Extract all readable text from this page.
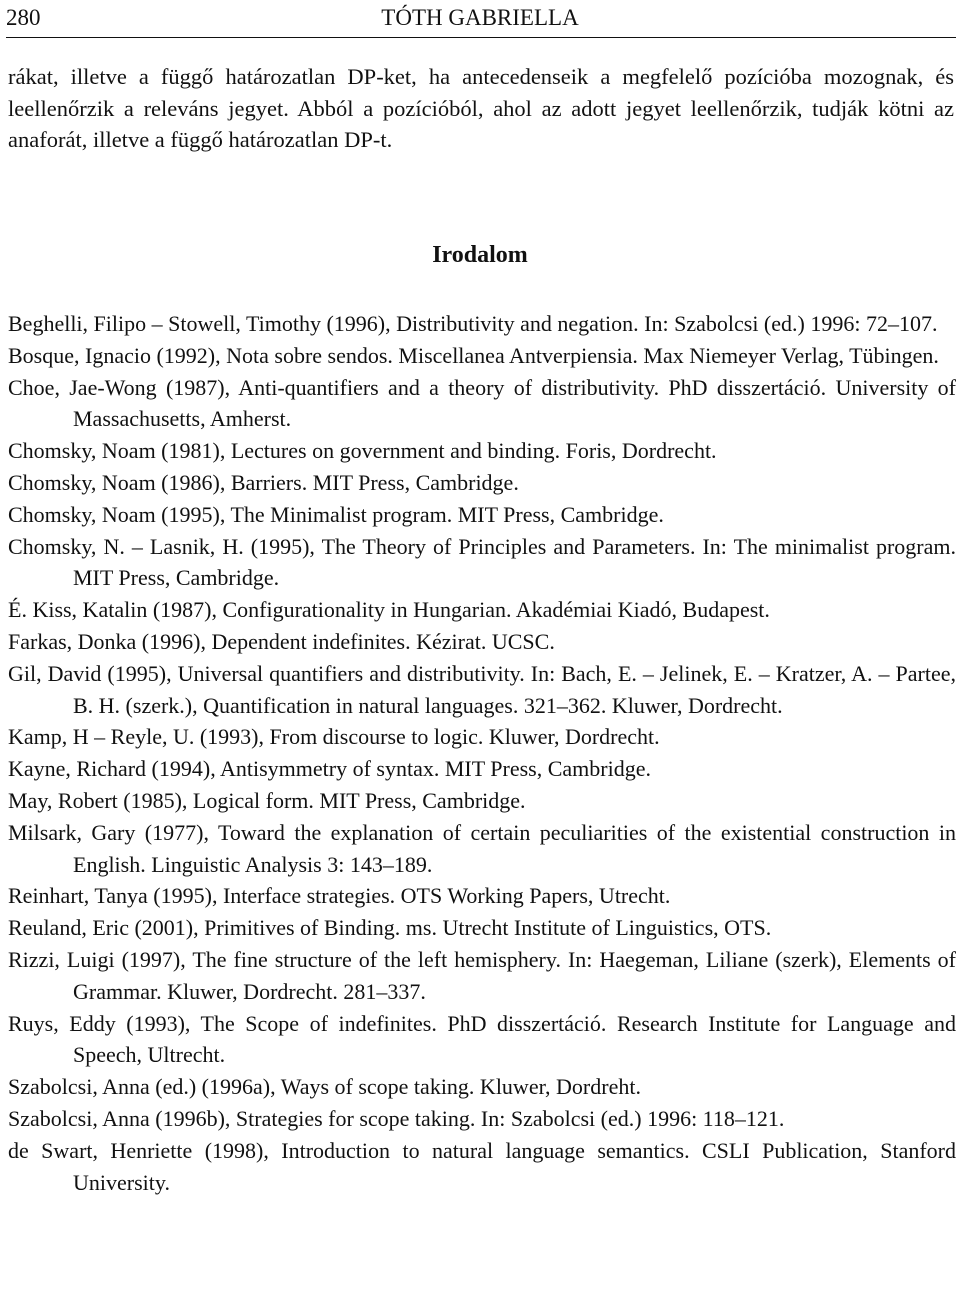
280	TÓTH GABRIELLA

rákat, illetve a függő határozatlan DP-ket, ha antecedenseik a megfelelő pozícióba mozognak, és leellenőrzik a releváns jegyet. Abból a pozícióból, ahol az adott jegyet leellenőrzik, tudják kötni az anaforát, illetve a függő határozatlan DP-t.

Irodalom
Beghelli, Filipo – Stowell, Timothy (1996), Distributivity and negation. In: Szabolcsi (ed.) 1996: 72–107.
Bosque, Ignacio (1992), Nota sobre sendos. Miscellanea Antverpiensia. Max Niemeyer Verlag, Tübingen.
Choe, Jae-Wong (1987), Anti-quantifiers and a theory of distributivity. PhD disszertáció. University of Massachusetts, Amherst.
Chomsky, Noam (1981), Lectures on government and binding. Foris, Dordrecht.
Chomsky, Noam (1986), Barriers. MIT Press, Cambridge.
Chomsky, Noam (1995), The Minimalist program. MIT Press, Cambridge.
Chomsky, N. – Lasnik, H. (1995), The Theory of Principles and Parameters. In: The minimalist program. MIT Press, Cambridge.
É. Kiss, Katalin (1987), Configurationality in Hungarian. Akadémiai Kiadó, Budapest.
Farkas, Donka (1996), Dependent indefinites. Kézirat. UCSC.
Gil, David (1995), Universal quantifiers and distributivity. In: Bach, E. – Jelinek, E. – Kratzer, A. – Partee, B. H. (szerk.), Quantification in natural languages. 321–362. Kluwer, Dordrecht.
Kamp, H – Reyle, U. (1993), From discourse to logic. Kluwer, Dordrecht.
Kayne, Richard (1994), Antisymmetry of syntax. MIT Press, Cambridge.
May, Robert (1985), Logical form. MIT Press, Cambridge.
Milsark, Gary (1977), Toward the explanation of certain peculiarities of the existential construction in English. Linguistic Analysis 3: 143–189.
Reinhart, Tanya (1995), Interface strategies. OTS Working Papers, Utrecht.
Reuland, Eric (2001), Primitives of Binding. ms. Utrecht Institute of Linguistics, OTS.
Rizzi, Luigi (1997), The fine structure of the left hemisphery. In: Haegeman, Liliane (szerk), Elements of Grammar. Kluwer, Dordrecht. 281–337.
Ruys, Eddy (1993), The Scope of indefinites. PhD disszertáció. Research Institute for Language and Speech, Ultrecht.
Szabolcsi, Anna (ed.) (1996a), Ways of scope taking. Kluwer, Dordreht.
Szabolcsi, Anna (1996b), Strategies for scope taking. In: Szabolcsi (ed.) 1996: 118–121.
de Swart, Henriette (1998), Introduction to natural language semantics. CSLI Publication, Stanford University.
